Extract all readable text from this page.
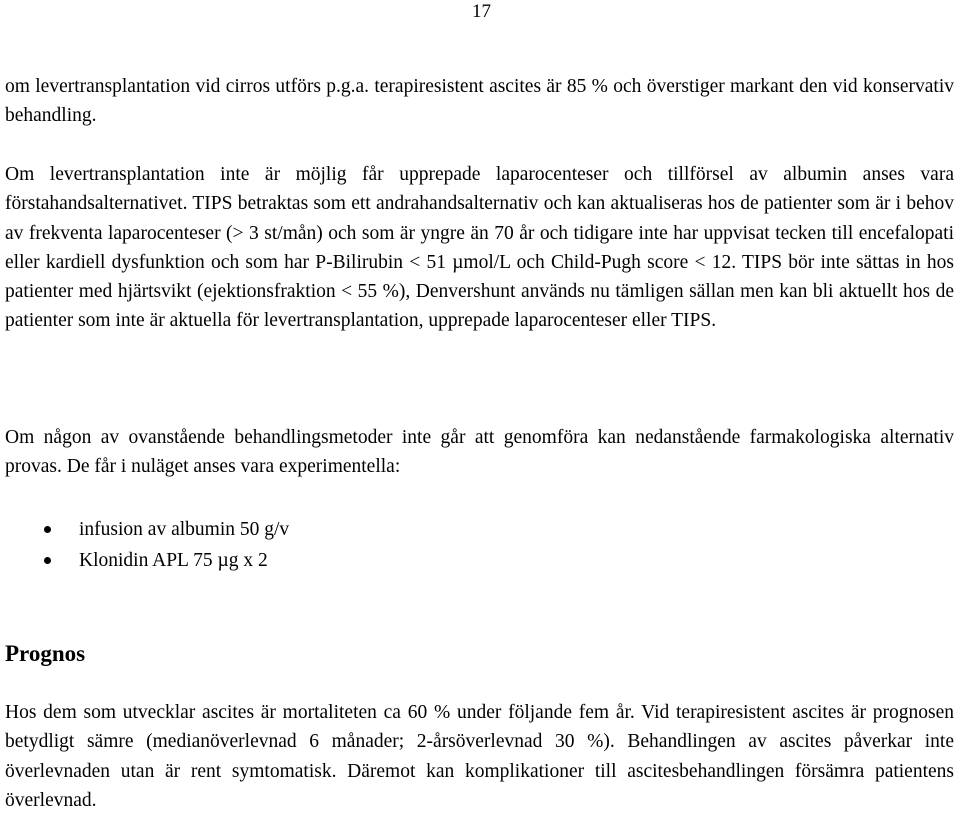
17

om levertransplantation vid cirros utförs p.g.a. terapiresistent ascites är 85 % och överstiger markant den vid konservativ behandling.

Om levertransplantation inte är möjlig får upprepade laparocenteser och tillförsel av albumin anses vara förstahandsalternativet. TIPS betraktas som ett andrahandsalternativ och kan aktualiseras hos de patienter som är i behov av frekventa laparocenteser (> 3 st/mån) och som är yngre än 70 år och tidigare inte har uppvisat tecken till encefalopati eller kardiell dysfunktion och som har P-Bilirubin < 51 µmol/L och Child-Pugh score < 12. TIPS bör inte sättas in hos patienter med hjärtsvikt (ejektionsfraktion < 55 %), Denvershunt används nu tämligen sällan men kan bli aktuellt hos de patienter som inte är aktuella för levertransplantation, upprepade laparocenteser eller TIPS.

Om någon av ovanstående behandlingsmetoder inte går att genomföra kan nedanstående farmakologiska alternativ provas. De får i nuläget anses vara experimentella:

infusion av albumin 50 g/v
Klonidin APL 75 µg x 2
Prognos

Hos dem som utvecklar ascites är mortaliteten ca 60 % under följande fem år. Vid terapiresistent ascites är prognosen betydligt sämre (medianöverlevnad 6 månader; 2-årsöverlevnad 30 %). Behandlingen av ascites påverkar inte överlevnaden utan är rent symtomatisk. Däremot kan komplikationer till ascitesbehandlingen försämra patientens överlevnad.
